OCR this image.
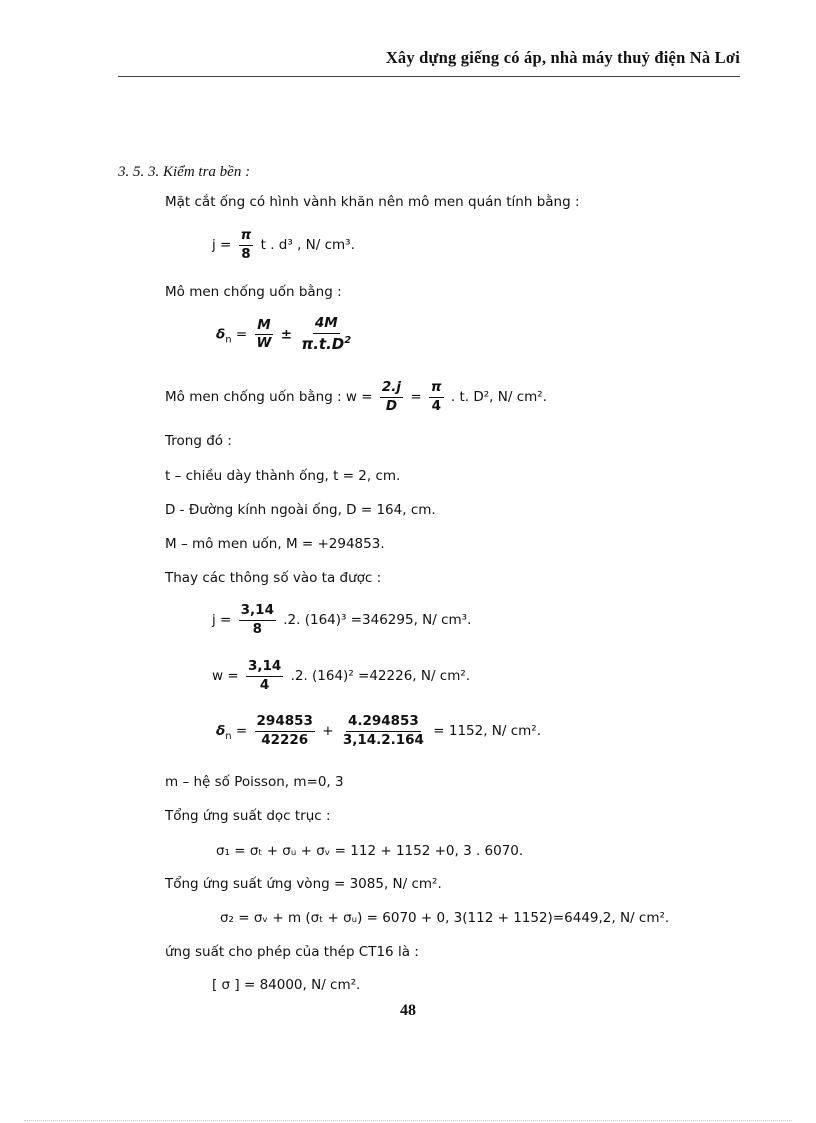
Xây dựng giếng có áp, nhà máy thuỷ điện Nà Lơi
3. 5. 3. Kiểm tra bền :
Mặt cắt ống có hình vành khăn nên mô men quán tính bằng :
$j = \frac{\pi}{8}$ t . d³ , N/ cm³.
Mô men chống uốn bằng :
$\delta_n = \frac{M}{W} \pm \frac{4M}{\pi.t.D^2}$
Mô men chống uốn bằng : $w = \frac{2.j}{D} = \frac{\pi}{4}$ . t. D², N/ cm².
Trong đó :
t – chiều dày thành ống, t = 2, cm.
D - Đường kính ngoài ống, D = 164, cm.
M – mô men uốn, M = +294853.
Thay các thông số vào ta được :
$j = \frac{3,14}{8} .2$. (164)³ =346295, N/ cm³.
$w = \frac{3,14}{4} .2$. (164)² =42226, N/ cm².
$\delta_n = \frac{294853}{42226} + \frac{4.294853}{3,14.2.164} = 1152$, N/ cm².
m – hệ số Poisson, m=0, 3
Tổng ứng suất dọc trục :
σ₁ = σₜ + σᵤ + σᵥ = 112 + 1152 +0, 3 . 6070.
Tổng ứng suất ứng vòng = 3085, N/ cm².
σ₂ = σᵥ + m (σₜ + σᵤ) = 6070 + 0, 3(112 + 1152)=6449,2, N/ cm².
ứng suất cho phép của thép CT16 là :
[ σ ] = 84000, N/ cm².
48
